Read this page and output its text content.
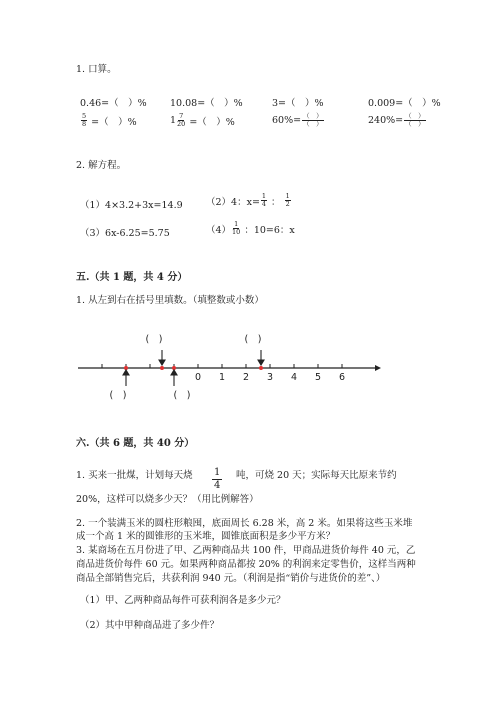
1. 口算。
0.46=（　）% 10.08=（　）%	3=（　）%	0.009=（　）%
$\frac{5}{8}$ =（　）%	$1 \frac{7}{20}$ =（　）%	$60\%= \frac{( )}{( )}$	$240\%= \frac{( )}{( )}$
2. 解方程。
（1）4×3.2+3x=14.9 （2）4：$x= \frac{1}{4}$ ： $\frac{1}{2}$
（3）6x-6.25=5.75	$(4) \frac{1}{10}$ ：10=6：x
五.（共 1 题，共 4 分）
1. 从左到右在括号里填数。（填整数或小数）
0 1 2 3 4 5 6
(　)	(　)
(　)	(　)
六.（共 6 题，共 40 分）
1. 买来一批煤，计划每天烧 $\frac{1}{4}$ 吨，可烧 20 天；实际每天比原来节约
20%，这样可以烧多少天？（用比例解答）
2. 一个装满玉米的圆柱形粮囤，底面周长 6.28 米，高 2 米。如果将这些玉米堆
成一个高 1 米的圆锥形的玉米堆，圆锥底面积是多少平方米？
3. 某商场在五月份进了甲、乙两种商品共 100 件，甲商品进货价每件 40 元，乙
商品进货价每件 60 元。如果两种商品都按 20% 的利润来定零售价，这样当两种
商品全部销售完后，共获利润 940 元。（利润是指“销价与进货价的差”、）
（1）甲、乙两种商品每件可获利润各是多少元？
（2）其中甲种商品进了多少件？
